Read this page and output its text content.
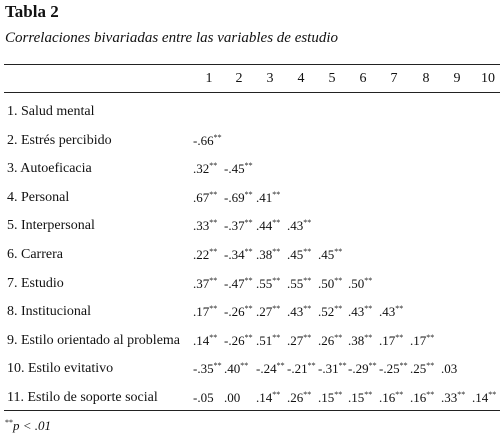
Tabla 2
Correlaciones bivariadas entre las variables de estudio
1	2	3	4	5	6	7	8	9	10
1. Salud mental
2. Estrés percibido	-.66**
3. Autoeficacia	.32** -.45**
4. Personal	.67** -.69** .41**
5. Interpersonal	.33** -.37** .44** .43**
6. Carrera	.22** -.34** .38** .45** .45**
7. Estudio	.37** -.47** .55** .55** .50** .50**
8. Institucional	.17** -.26** .27** .43** .52** .43** .43**
9. Estilo orientado al problema .14** -.26** .51** .27** .26** .38** .17** .17**
10. Estilo evitativo	-.35** .40** -.24** -.21** -.31** -.29** -.25** .25** .03
11. Estilo de soporte social	-.05 .00 .14** .26** .15** .15** .16** .16** .33** .14**
**p < .01
